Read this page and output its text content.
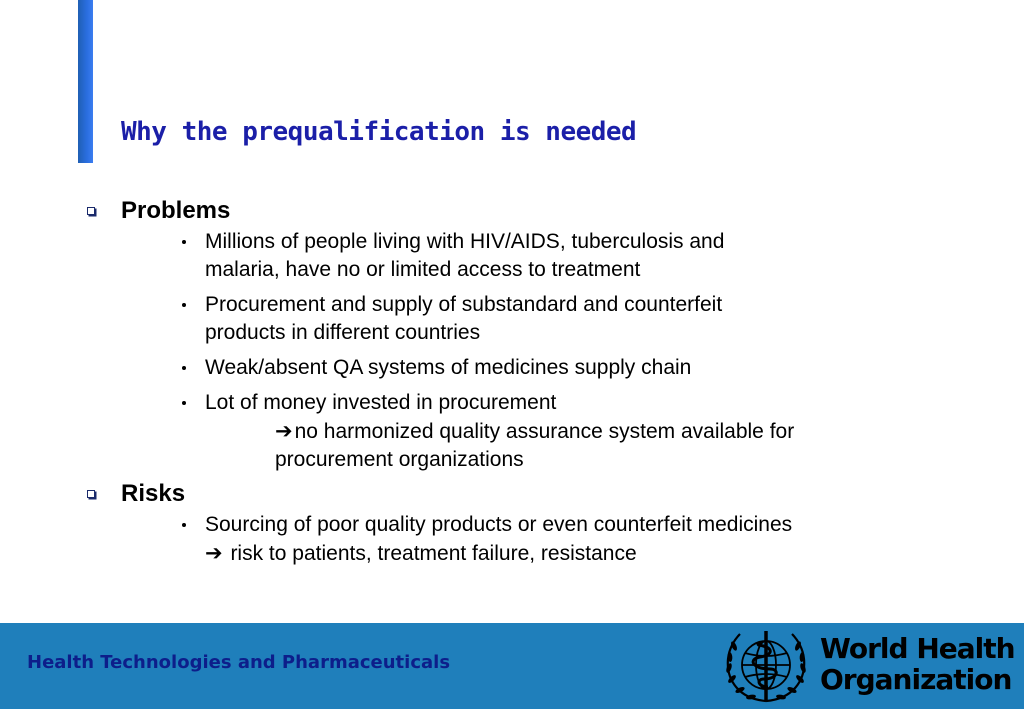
Why the prequalification is needed
Problems
Millions of people living with HIV/AIDS, tuberculosis and
malaria, have no or limited access to treatment
Procurement and supply of substandard and counterfeit
products in different countries
Weak/absent QA systems of medicines supply chain
Lot of money invested in procurement
➔no harmonized quality assurance system available for
procurement organizations
Risks
Sourcing of poor quality products or even counterfeit medicines
➔ risk to patients, treatment failure, resistance
Health Technologies and Pharmaceuticals	World Health
Organization
